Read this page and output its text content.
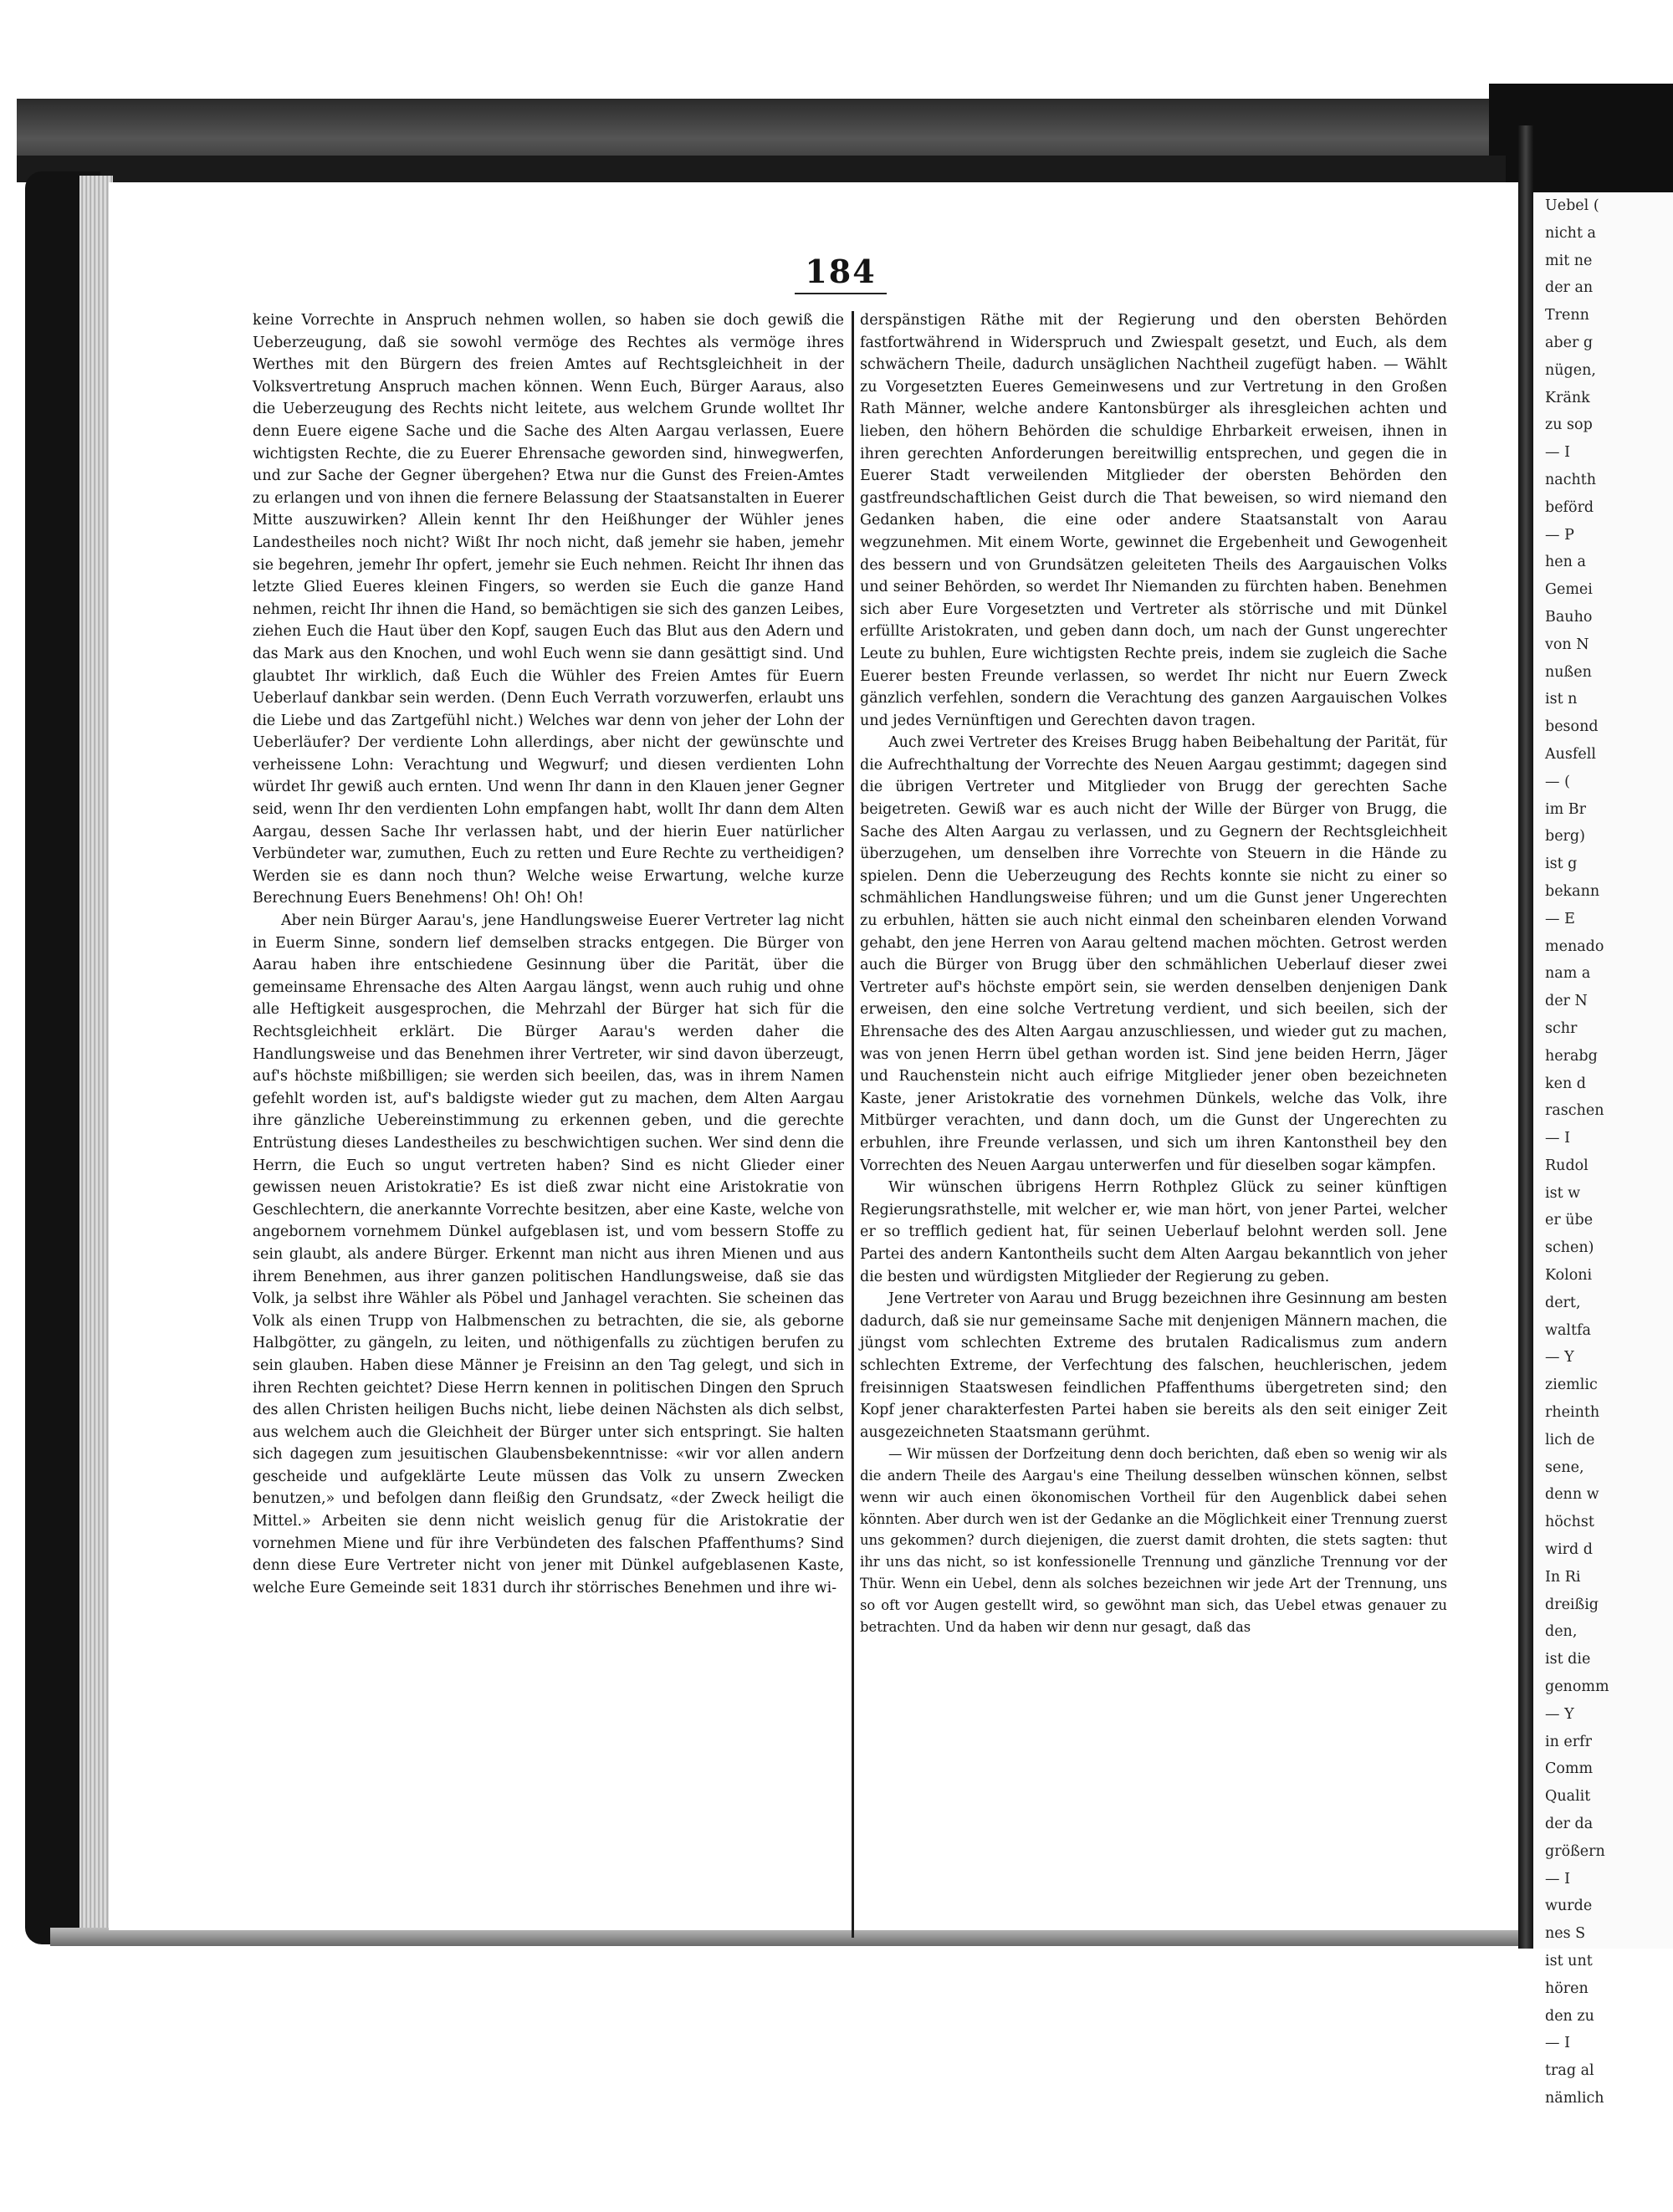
Uebel (
nicht a
mit ne
der an
Trenn
aber g
nügen,
Kränk
zu sop
— I
nachth
beförd
— P
hen a
Gemei
Bauho
von N
nußen
ist n
besond
Ausfell
— (
im Br
berg)
ist g
bekann
— E
menado
nam a
der N
schr
herabg
ken d
raschen
— I
Rudol
ist w
er übe
schen)
Koloni
dert,
waltfa
— Y
ziemlic
rheinth
lich de
sene,
denn w
höchst
wird d
In Ri
dreißig
den,
ist die
genomm
— Y
in erfr
Comm
Qualit
der da
größern
— I
wurde
nes S
ist unt
hören
den zu
— I
trag al
nämlich
184

keine Vorrechte in Anspruch nehmen wollen, so haben sie doch gewiß die Ueberzeugung, daß sie sowohl vermöge des Rechtes als vermöge ihres Werthes mit den Bürgern des freien Amtes auf Rechtsgleichheit in der Volksvertretung Anspruch machen können. Wenn Euch, Bürger Aaraus, also die Ueberzeugung des Rechts nicht leitete, aus welchem Grunde wolltet Ihr denn Euere eigene Sache und die Sache des Alten Aargau verlassen, Euere wichtigsten Rechte, die zu Euerer Ehrensache geworden sind, hinwegwerfen, und zur Sache der Gegner übergehen? Etwa nur die Gunst des Freien-Amtes zu erlangen und von ihnen die fernere Belassung der Staatsanstalten in Euerer Mitte auszuwirken? Allein kennt Ihr den Heißhunger der Wühler jenes Landestheiles noch nicht? Wißt Ihr noch nicht, daß jemehr sie haben, jemehr sie begehren, jemehr Ihr opfert, jemehr sie Euch nehmen. Reicht Ihr ihnen das letzte Glied Eueres kleinen Fingers, so werden sie Euch die ganze Hand nehmen, reicht Ihr ihnen die Hand, so bemächtigen sie sich des ganzen Leibes, ziehen Euch die Haut über den Kopf, saugen Euch das Blut aus den Adern und das Mark aus den Knochen, und wohl Euch wenn sie dann gesättigt sind. Und glaubtet Ihr wirklich, daß Euch die Wühler des Freien Amtes für Euern Ueberlauf dankbar sein werden. (Denn Euch Verrath vorzuwerfen, erlaubt uns die Liebe und das Zartgefühl nicht.) Welches war denn von jeher der Lohn der Ueberläufer? Der verdiente Lohn allerdings, aber nicht der gewünschte und verheissene Lohn: Verachtung und Wegwurf; und diesen verdienten Lohn würdet Ihr gewiß auch ernten. Und wenn Ihr dann in den Klauen jener Gegner seid, wenn Ihr den verdienten Lohn empfangen habt, wollt Ihr dann dem Alten Aargau, dessen Sache Ihr verlassen habt, und der hierin Euer natürlicher Verbündeter war, zumuthen, Euch zu retten und Eure Rechte zu vertheidigen? Werden sie es dann noch thun? Welche weise Erwartung, welche kurze Berechnung Euers Benehmens! Oh! Oh! Oh!

Aber nein Bürger Aarau's, jene Handlungsweise Euerer Vertreter lag nicht in Euerm Sinne, sondern lief demselben stracks entgegen. Die Bürger von Aarau haben ihre entschiedene Gesinnung über die Parität, über die gemeinsame Ehrensache des Alten Aargau längst, wenn auch ruhig und ohne alle Heftigkeit ausgesprochen, die Mehrzahl der Bürger hat sich für die Rechtsgleichheit erklärt. Die Bürger Aarau's werden daher die Handlungsweise und das Benehmen ihrer Vertreter, wir sind davon überzeugt, auf's höchste mißbilligen; sie werden sich beeilen, das, was in ihrem Namen gefehlt worden ist, auf's baldigste wieder gut zu machen, dem Alten Aargau ihre gänzliche Uebereinstimmung zu erkennen geben, und die gerechte Entrüstung dieses Landestheiles zu beschwichtigen suchen. Wer sind denn die Herrn, die Euch so ungut vertreten haben? Sind es nicht Glieder einer gewissen neuen Aristokratie? Es ist dieß zwar nicht eine Aristokratie von Geschlechtern, die anerkannte Vorrechte besitzen, aber eine Kaste, welche von angebornem vornehmem Dünkel aufgeblasen ist, und vom bessern Stoffe zu sein glaubt, als andere Bürger. Erkennt man nicht aus ihren Mienen und aus ihrem Benehmen, aus ihrer ganzen politischen Handlungsweise, daß sie das Volk, ja selbst ihre Wähler als Pöbel und Janhagel verachten. Sie scheinen das Volk als einen Trupp von Halbmenschen zu betrachten, die sie, als geborne Halbgötter, zu gängeln, zu leiten, und nöthigenfalls zu züchtigen berufen zu sein glauben. Haben diese Männer je Freisinn an den Tag gelegt, und sich in ihren Rechten geichtet? Diese Herrn kennen in politischen Dingen den Spruch des allen Christen heiligen Buchs nicht, liebe deinen Nächsten als dich selbst, aus welchem auch die Gleichheit der Bürger unter sich entspringt. Sie halten sich dagegen zum jesuitischen Glaubensbekenntnisse: «wir vor allen andern gescheide und aufgeklärte Leute müssen das Volk zu unsern Zwecken benutzen,» und befolgen dann fleißig den Grundsatz, «der Zweck heiligt die Mittel.» Arbeiten sie denn nicht weislich genug für die Aristokratie der vornehmen Miene und für ihre Verbündeten des falschen Pfaffenthums? Sind denn diese Eure Vertreter nicht von jener mit Dünkel aufgeblasenen Kaste, welche Eure Gemeinde seit 1831 durch ihr störrisches Benehmen und ihre wi-

derspänstigen Räthe mit der Regierung und den obersten Behörden fastfortwährend in Widerspruch und Zwiespalt gesetzt, und Euch, als dem schwächern Theile, dadurch unsäglichen Nachtheil zugefügt haben. — Wählt zu Vorgesetzten Eueres Gemeinwesens und zur Vertretung in den Großen Rath Männer, welche andere Kantonsbürger als ihresgleichen achten und lieben, den höhern Behörden die schuldige Ehrbarkeit erweisen, ihnen in ihren gerechten Anforderungen bereitwillig entsprechen, und gegen die in Euerer Stadt verweilenden Mitglieder der obersten Behörden den gastfreundschaftlichen Geist durch die That beweisen, so wird niemand den Gedanken haben, die eine oder andere Staatsanstalt von Aarau wegzunehmen. Mit einem Worte, gewinnet die Ergebenheit und Gewogenheit des bessern und von Grundsätzen geleiteten Theils des Aargauischen Volks und seiner Behörden, so werdet Ihr Niemanden zu fürchten haben. Benehmen sich aber Eure Vorgesetzten und Vertreter als störrische und mit Dünkel erfüllte Aristokraten, und geben dann doch, um nach der Gunst ungerechter Leute zu buhlen, Eure wichtigsten Rechte preis, indem sie zugleich die Sache Euerer besten Freunde verlassen, so werdet Ihr nicht nur Euern Zweck gänzlich verfehlen, sondern die Verachtung des ganzen Aargauischen Volkes und jedes Vernünftigen und Gerechten davon tragen.

Auch zwei Vertreter des Kreises Brugg haben Beibehaltung der Parität, für die Aufrechthaltung der Vorrechte des Neuen Aargau gestimmt; dagegen sind die übrigen Vertreter und Mitglieder von Brugg der gerechten Sache beigetreten. Gewiß war es auch nicht der Wille der Bürger von Brugg, die Sache des Alten Aargau zu verlassen, und zu Gegnern der Rechtsgleichheit überzugehen, um denselben ihre Vorrechte von Steuern in die Hände zu spielen. Denn die Ueberzeugung des Rechts konnte sie nicht zu einer so schmählichen Handlungsweise führen; und um die Gunst jener Ungerechten zu erbuhlen, hätten sie auch nicht einmal den scheinbaren elenden Vorwand gehabt, den jene Herren von Aarau geltend machen möchten. Getrost werden auch die Bürger von Brugg über den schmählichen Ueberlauf dieser zwei Vertreter auf's höchste empört sein, sie werden denselben denjenigen Dank erweisen, den eine solche Vertretung verdient, und sich beeilen, sich der Ehrensache des des Alten Aargau anzuschliessen, und wieder gut zu machen, was von jenen Herrn übel gethan worden ist. Sind jene beiden Herrn, Jäger und Rauchenstein nicht auch eifrige Mitglieder jener oben bezeichneten Kaste, jener Aristokratie des vornehmen Dünkels, welche das Volk, ihre Mitbürger verachten, und dann doch, um die Gunst der Ungerechten zu erbuhlen, ihre Freunde verlassen, und sich um ihren Kantonstheil bey den Vorrechten des Neuen Aargau unterwerfen und für dieselben sogar kämpfen.

Wir wünschen übrigens Herrn Rothplez Glück zu seiner künftigen Regierungsrathstelle, mit welcher er, wie man hört, von jener Partei, welcher er so trefflich gedient hat, für seinen Ueberlauf belohnt werden soll. Jene Partei des andern Kantontheils sucht dem Alten Aargau bekanntlich von jeher die besten und würdigsten Mitglieder der Regierung zu geben.

Jene Vertreter von Aarau und Brugg bezeichnen ihre Gesinnung am besten dadurch, daß sie nur gemeinsame Sache mit denjenigen Männern machen, die jüngst vom schlechten Extreme des brutalen Radicalismus zum andern schlechten Extreme, der Verfechtung des falschen, heuchlerischen, jedem freisinnigen Staatswesen feindlichen Pfaffenthums übergetreten sind; den Kopf jener charakterfesten Partei haben sie bereits als den seit einiger Zeit ausgezeichneten Staatsmann gerühmt.

— Wir müssen der Dorfzeitung denn doch berichten, daß eben so wenig wir als die andern Theile des Aargau's eine Theilung desselben wünschen können, selbst wenn wir auch einen ökonomischen Vortheil für den Augenblick dabei sehen könnten. Aber durch wen ist der Gedanke an die Möglichkeit einer Trennung zuerst uns gekommen? durch diejenigen, die zuerst damit drohten, die stets sagten: thut ihr uns das nicht, so ist konfessionelle Trennung und gänzliche Trennung vor der Thür. Wenn ein Uebel, denn als solches bezeichnen wir jede Art der Trennung, uns so oft vor Augen gestellt wird, so gewöhnt man sich, das Uebel etwas genauer zu betrachten. Und da haben wir denn nur gesagt, daß das
